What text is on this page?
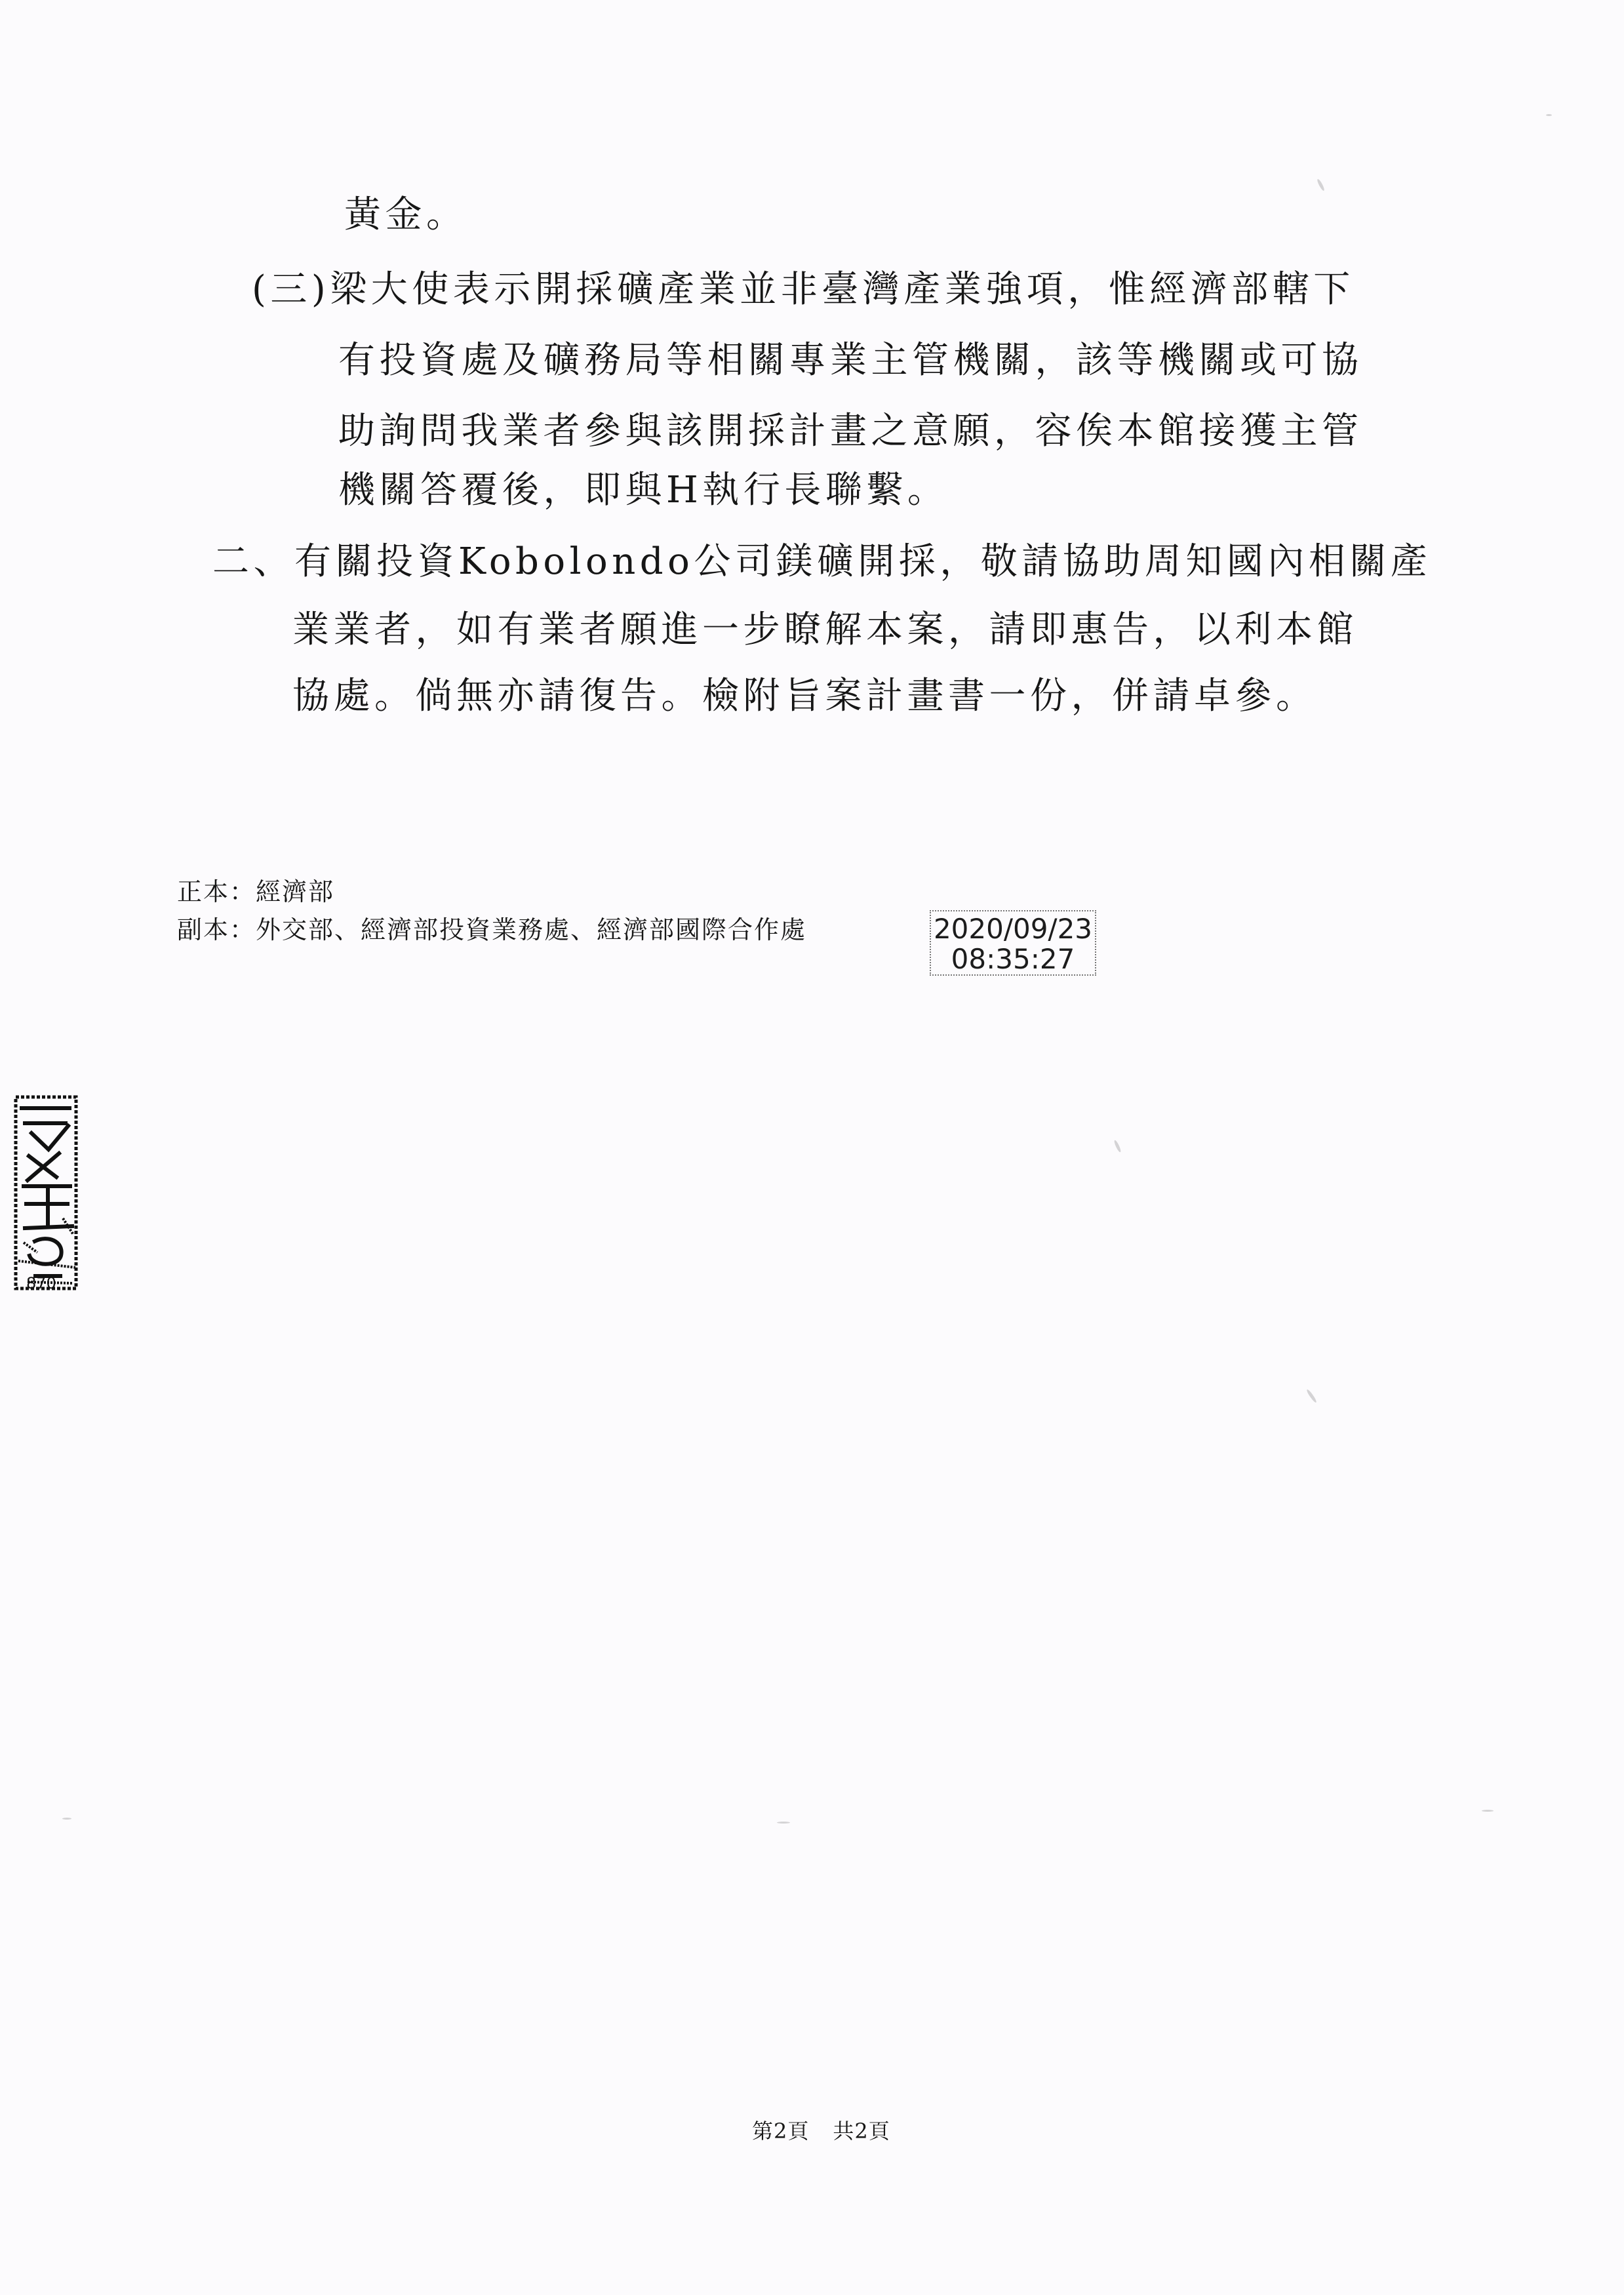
黃金。

(三)梁大使表示開採礦產業並非臺灣產業強項，惟經濟部轄下

有投資處及礦務局等相關專業主管機關，該等機關或可協

助詢問我業者參與該開採計畫之意願，容俟本館接獲主管

機關答覆後，即與H執行長聯繫。

二、有關投資Kobolondo公司鎂礦開採，敬請協助周知國內相關產

業業者，如有業者願進一步瞭解本案，請即惠告，以利本館

協處。倘無亦請復告。檢附旨案計畫書一份，併請卓參。

正本：經濟部

副本：外交部、經濟部投資業務處、經濟部國際合作處	2020/09/23
08:35:27
870

第2頁 共2頁
